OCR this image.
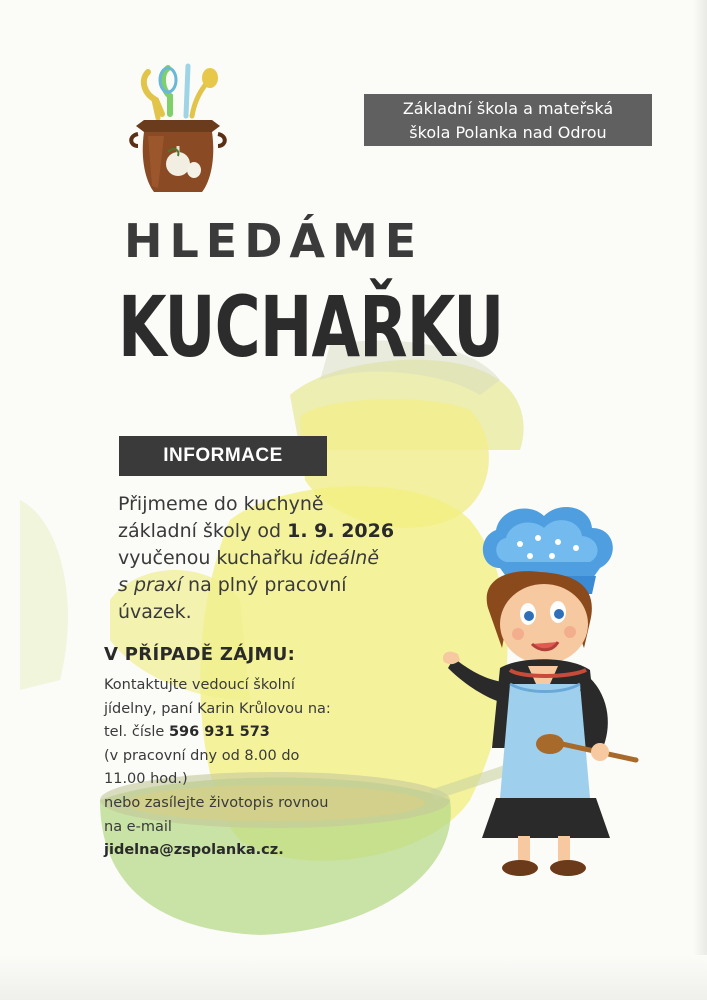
Základní škola a mateřská
škola Polanka nad Odrou
HLEDÁME
KUCHAŘKU
INFORMACE
Přijmeme do kuchyně
základní školy od 1. 9. 2026
vyučenou kuchařku ideálně
s praxí na plný pracovní
úvazek.
V PŘÍPADĚ ZÁJMU:
Kontaktujte vedoucí školní
jídelny, paní Karin Krůlovou na:
tel. čísle 596 931 573
(v pracovní dny od 8.00 do
11.00 hod.)
nebo zasílejte životopis rovnou
na e-mail
jidelna@zspolanka.cz.
